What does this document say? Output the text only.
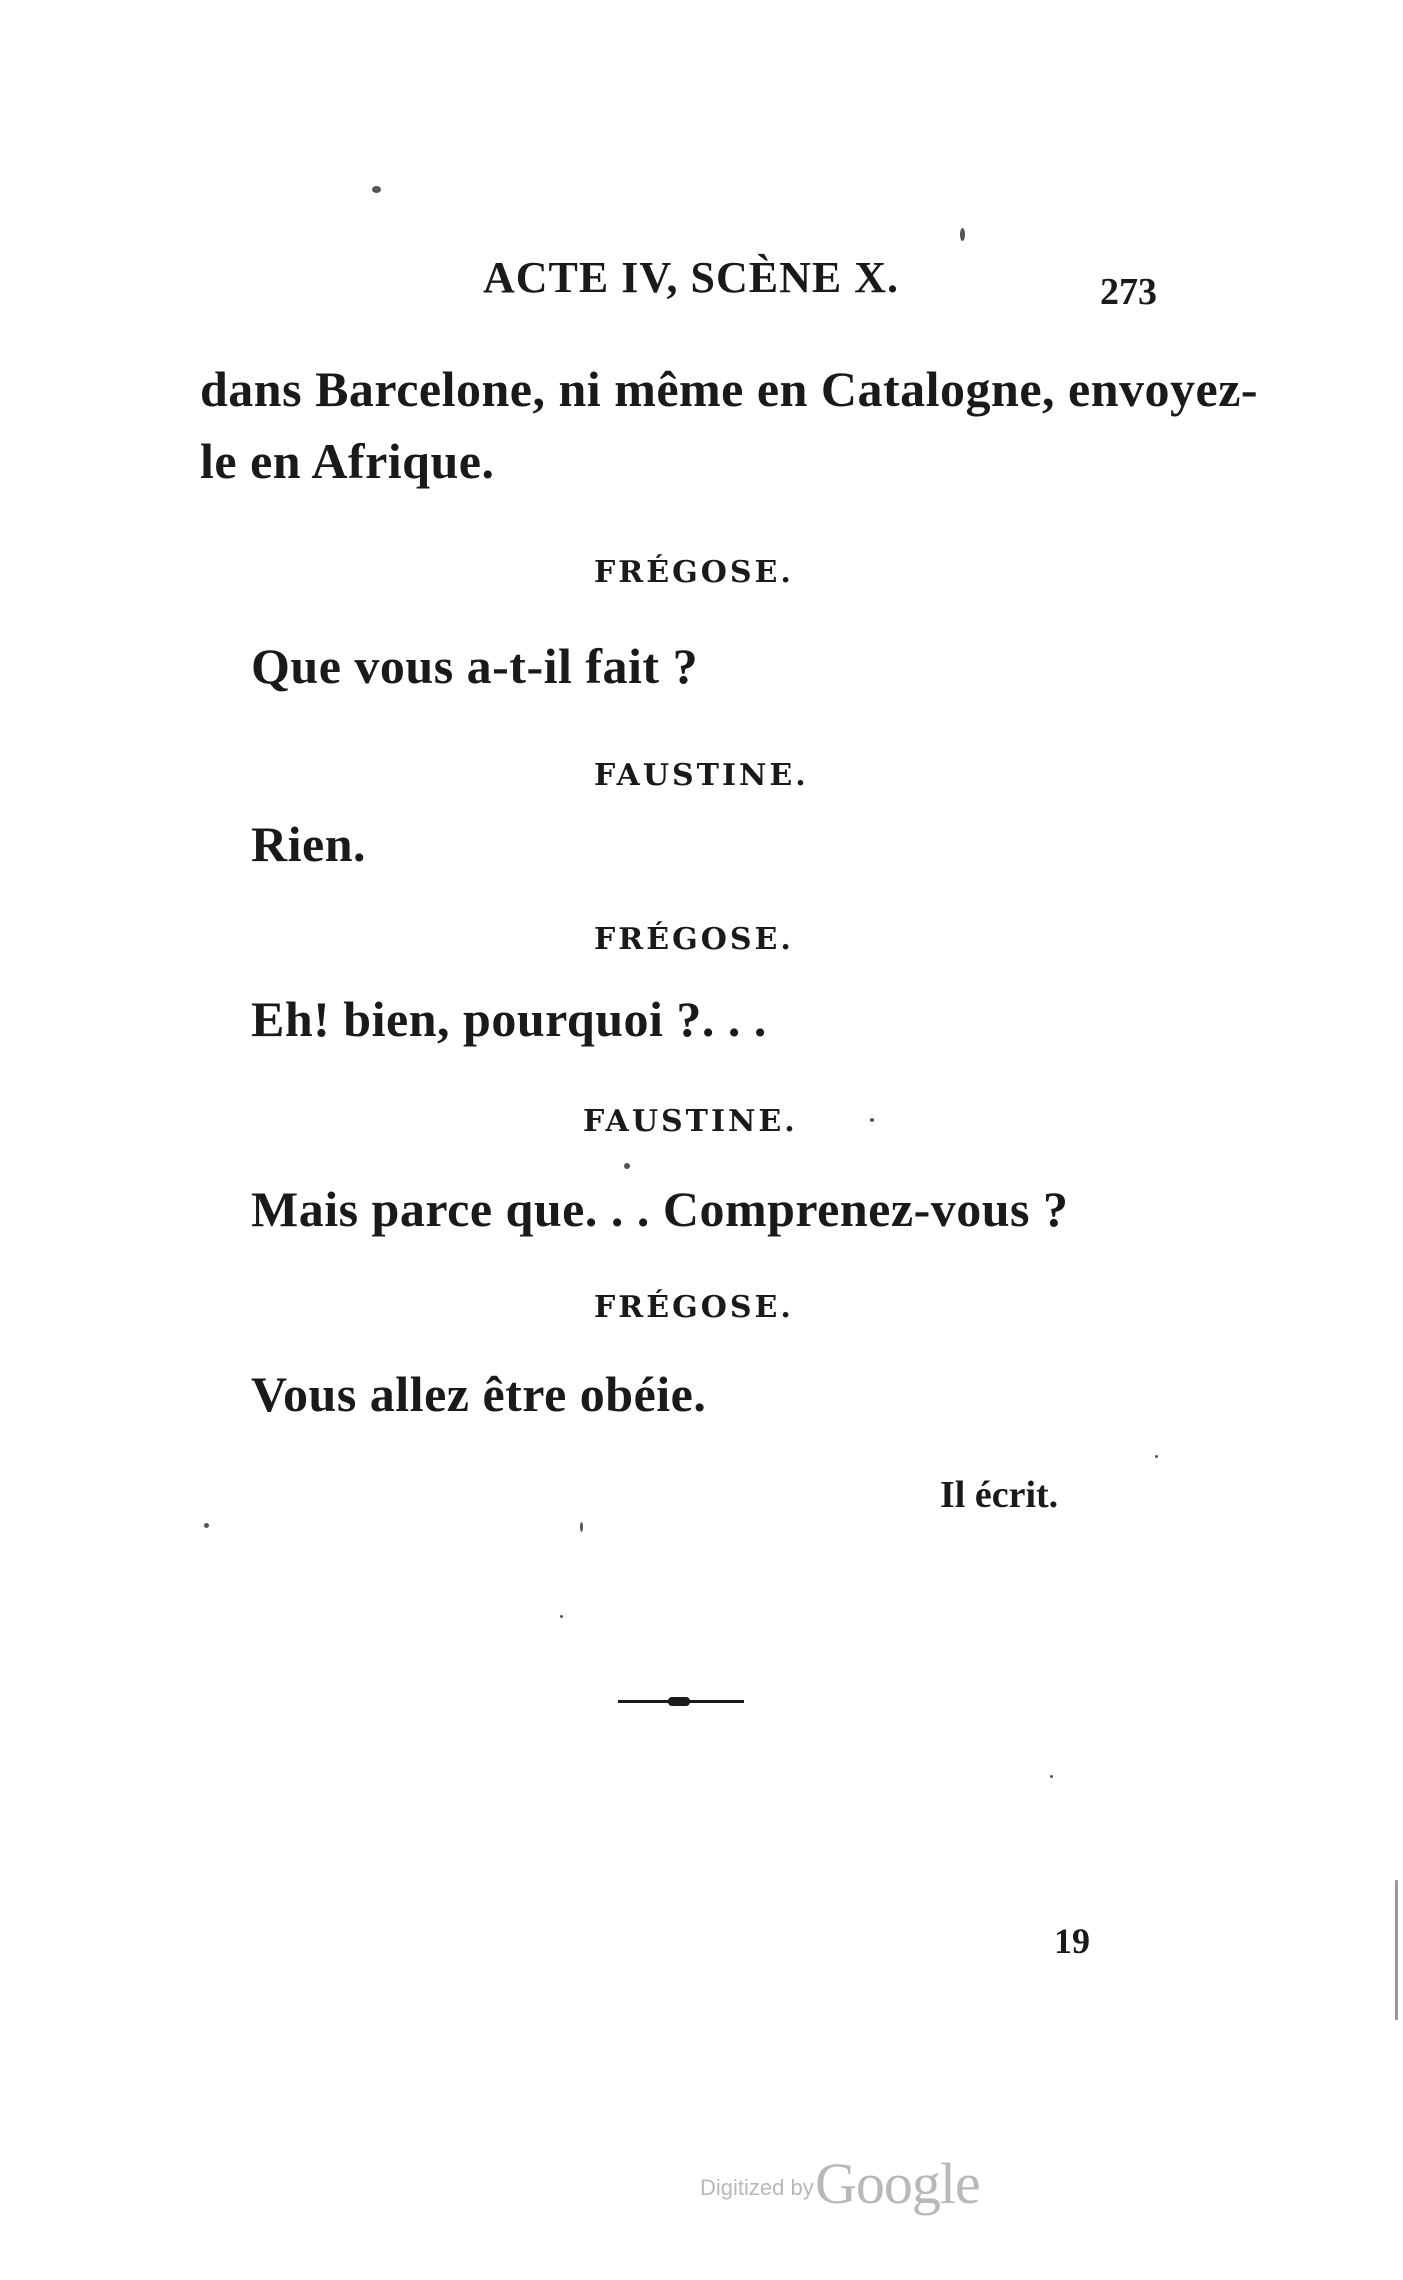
ACTE IV, SCÈNE X.	273
dans Barcelone, ni même en Catalogne, envoyez-
le en Afrique.
FRÉGOSE.
Que vous a-t-il fait ?
FAUSTINE.
Rien.
FRÉGOSE.
Eh! bien, pourquoi ?. . .
FAUSTINE.
Mais parce que. . . Comprenez-vous ?
FRÉGOSE.
Vous allez être obéie.
Il écrit.
19
Digitized by Google
